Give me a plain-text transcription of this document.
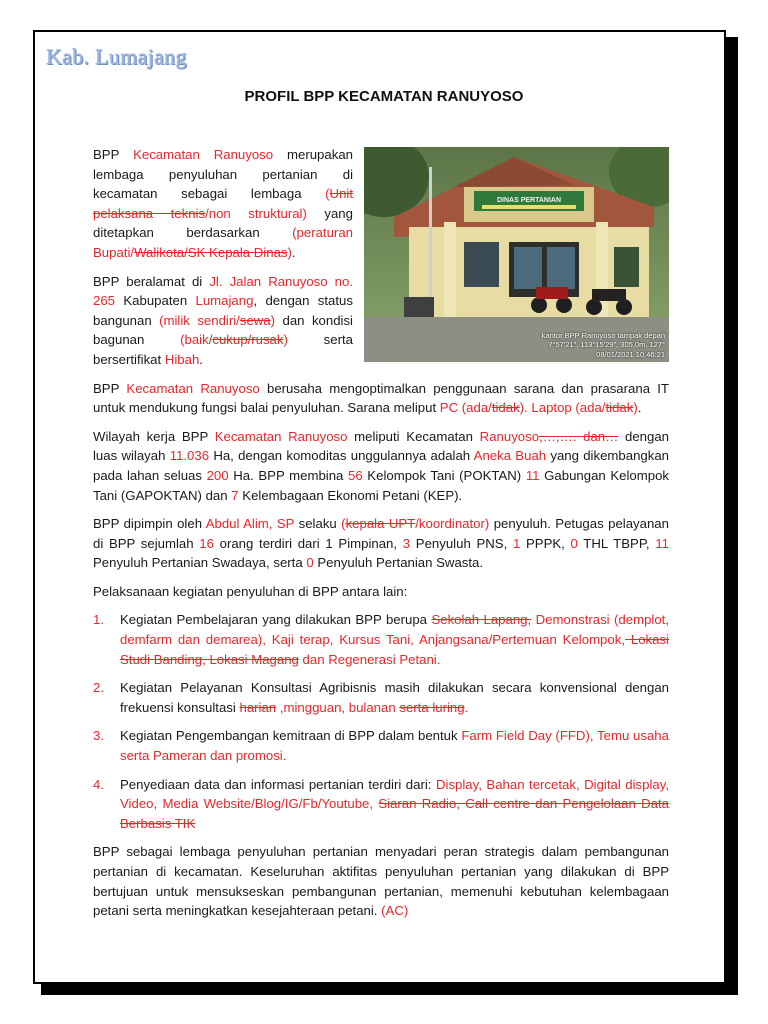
Kab. Lumajang
PROFIL BPP KECAMATAN RANUYOSO
DINAS PERTANIAN
kantor BPP Ranuyoso tampak depan
7°57'21", 113°15'29", 305,0m, 127°
08/01/2021 10:46:21

BPP Kecamatan Ranuyoso merupakan lembaga penyuluhan pertanian di kecamatan sebagai lembaga (Unit pelaksana teknis/non struktural) yang ditetapkan berdasarkan (peraturan Bupati/Walikota/SK Kepala Dinas).

BPP beralamat di Jl. Jalan Ranuyoso no. 265 Kabupaten Lumajang, dengan status bangunan (milik sendiri/sewa) dan kondisi bagunan (baik/cukup/rusak) serta bersertifikat Hibah.

BPP Kecamatan Ranuyoso berusaha mengoptimalkan penggunaan sarana dan prasarana IT untuk mendukung fungsi balai penyuluhan. Sarana meliput PC (ada/tidak). Laptop (ada/tidak).

Wilayah kerja BPP Kecamatan Ranuyoso meliputi Kecamatan Ranuyoso,…,…. dan… dengan luas wilayah 11.036 Ha, dengan komoditas unggulannya adalah Aneka Buah yang dikembangkan pada lahan seluas 200 Ha. BPP membina 56 Kelompok Tani (POKTAN) 11 Gabungan Kelompok Tani (GAPOKTAN) dan 7 Kelembagaan Ekonomi Petani (KEP).

BPP dipimpin oleh Abdul Alim, SP selaku (kepala UPT/koordinator) penyuluh. Petugas pelayanan di BPP sejumlah 16 orang terdiri dari 1 Pimpinan, 3 Penyuluh PNS, 1 PPPK, 0 THL TBPP, 11 Penyuluh Pertanian Swadaya, serta 0 Penyuluh Pertanian Swasta.

Pelaksanaan kegiatan penyuluhan di BPP antara lain:

1. Kegiatan Pembelajaran yang dilakukan BPP berupa Sekolah Lapang, Demonstrasi (demplot, demfarm dan demarea), Kaji terap, Kursus Tani, Anjangsana/Pertemuan Kelompok, Lokasi Studi Banding, Lokasi Magang dan Regenerasi Petani.
2. Kegiatan Pelayanan Konsultasi Agribisnis masih dilakukan secara konvensional dengan frekuensi konsultasi harian ,mingguan, bulanan serta luring.
3. Kegiatan Pengembangan kemitraan di BPP dalam bentuk Farm Field Day (FFD), Temu usaha serta Pameran dan promosi.
4. Penyediaan data dan informasi pertanian terdiri dari: Display, Bahan tercetak, Digital display, Video, Media Website/Blog/IG/Fb/Youtube, Siaran Radio, Call centre dan Pengelolaan Data Berbasis TIK

BPP sebagai lembaga penyuluhan pertanian menyadari peran strategis dalam pembangunan pertanian di kecamatan. Keseluruhan aktifitas penyuluhan pertanian yang dilakukan di BPP bertujuan untuk mensukseskan pembangunan pertanian, memenuhi kebutuhan kelembagaan petani serta meningkatkan kesejahteraan petani. (AC)
